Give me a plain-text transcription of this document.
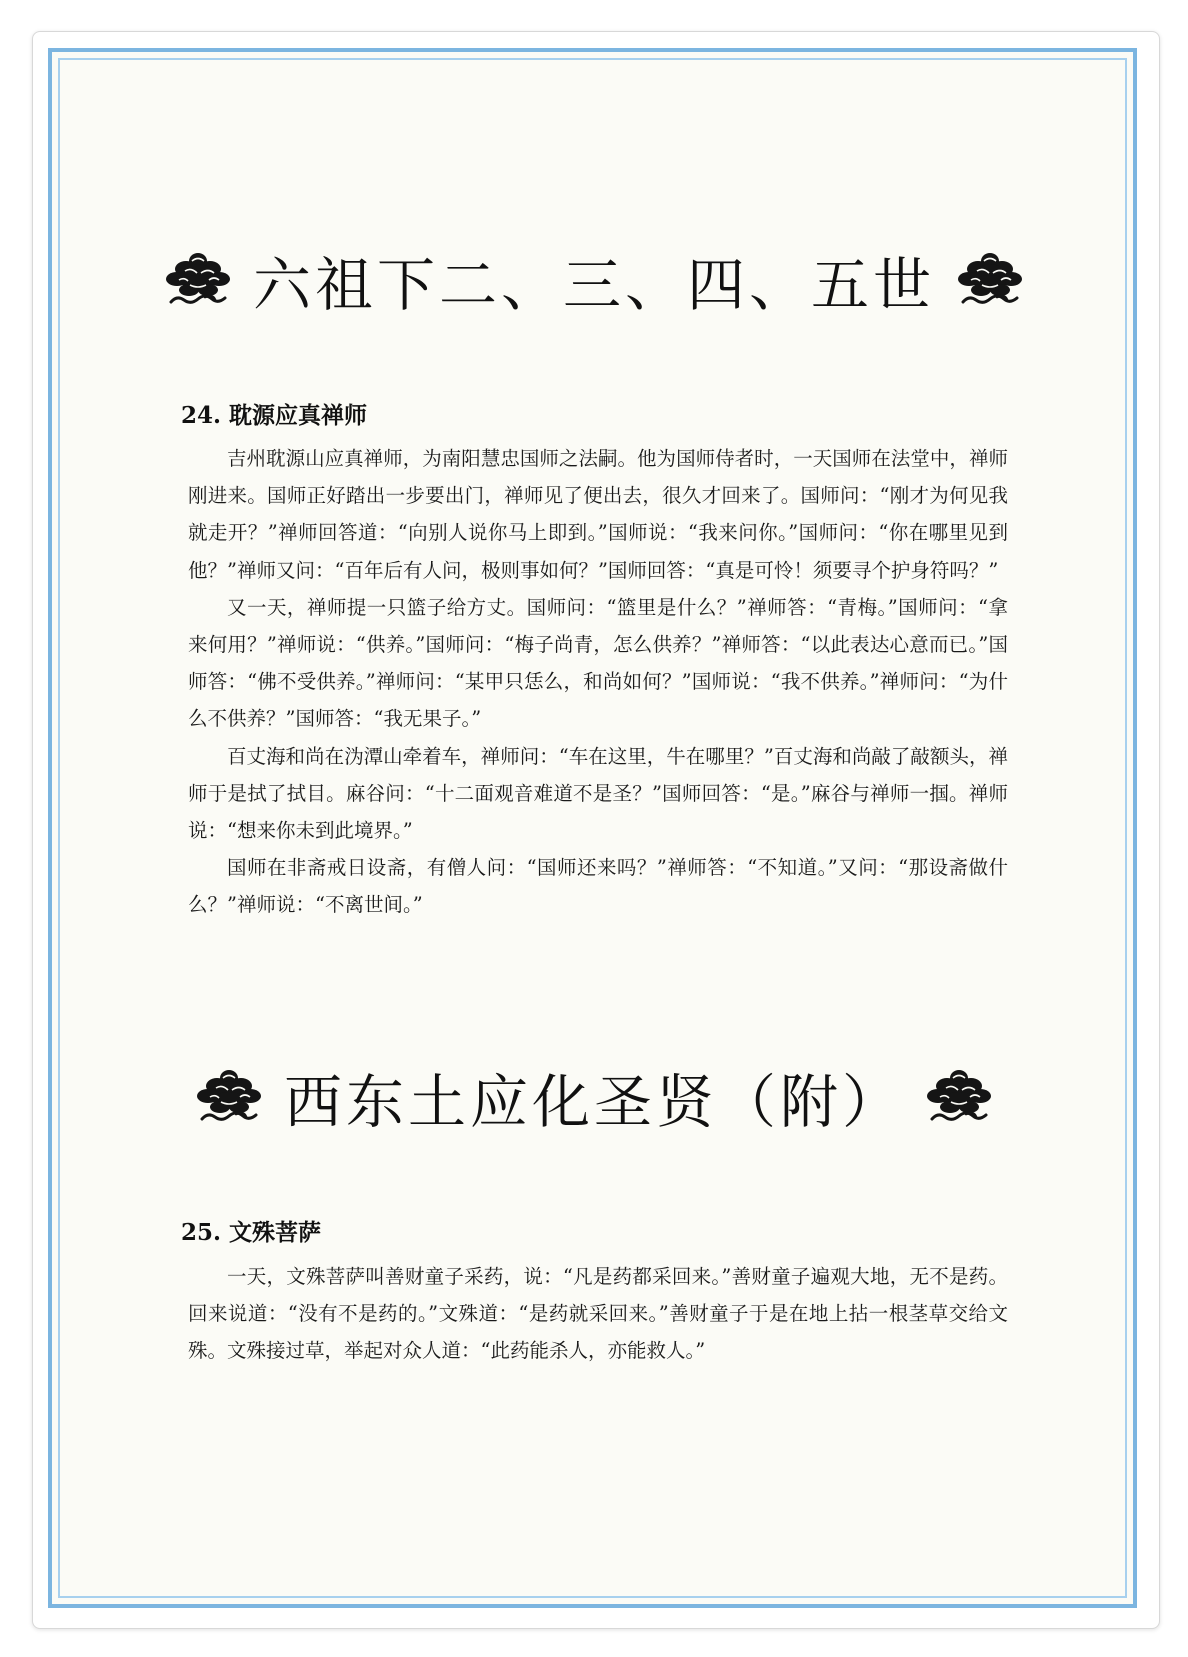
六祖下二、三、四、五世
24. 耽源应真禅师

吉州耽源山应真禅师，为南阳慧忠国师之法嗣。他为国师侍者时，一天国师在法堂中，禅师刚进来。国师正好踏出一步要出门，禅师见了便出去，很久才回来了。国师问：“刚才为何见我就走开？”禅师回答道：“向别人说你马上即到。”国师说：“我来问你。”国师问：“你在哪里见到他？”禅师又问：“百年后有人问，极则事如何？”国师回答：“真是可怜！须要寻个护身符吗？”

又一天，禅师提一只篮子给方丈。国师问：“篮里是什么？”禅师答：“青梅。”国师问：“拿来何用？”禅师说：“供养。”国师问：“梅子尚青，怎么供养？”禅师答：“以此表达心意而已。”国师答：“佛不受供养。”禅师问：“某甲只恁么，和尚如何？”国师说：“我不供养。”禅师问：“为什么不供养？”国师答：“我无果子。”

百丈海和尚在沩潭山牵着车，禅师问：“车在这里，牛在哪里？”百丈海和尚敲了敲额头，禅师于是拭了拭目。麻谷问：“十二面观音难道不是圣？”国师回答：“是。”麻谷与禅师一掴。禅师说：“想来你未到此境界。”

国师在非斋戒日设斋，有僧人问：“国师还来吗？”禅师答：“不知道。”又问：“那设斋做什么？”禅师说：“不离世间。”

西东土应化圣贤（附）
25. 文殊菩萨

一天，文殊菩萨叫善财童子采药，说：“凡是药都采回来。”善财童子遍观大地，无不是药。回来说道：“没有不是药的。”文殊道：“是药就采回来。”善财童子于是在地上拈一根茎草交给文殊。文殊接过草，举起对众人道：“此药能杀人，亦能救人。”
